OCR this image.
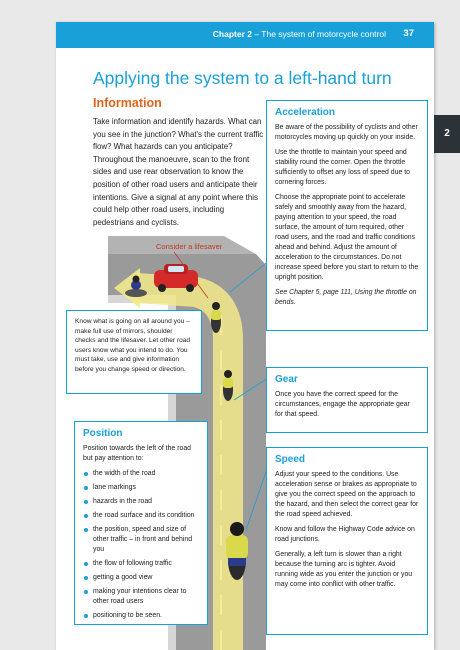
Chapter 2 – The system of motorcycle control 37
2
Applying the system to a left-hand turn
Information

Take information and identify hazards. What can you see in the junction? What's the current traffic flow? What hazards can you anticipate? Throughout the manoeuvre, scan to the front sides and use rear observation to know the position of other road users and anticipate their intentions. Give a signal at any point where this could help other road users, including pedestrians and cyclists.

Consider a lifesaver
Acceleration

Be aware of the possibility of cyclists and other motorcycles moving up quickly on your inside.

Use the throttle to maintain your speed and stability round the corner. Open the throttle sufficiently to offset any loss of speed due to cornering forces.

Choose the appropriate point to accelerate safely and smoothly away from the hazard, paying attention to your speed, the road surface, the amount of turn required, other road users, and the road and traffic conditions ahead and behind. Adjust the amount of acceleration to the circumstances. Do not increase speed before you start to return to the upright position.

See Chapter 5, page 111, Using the throttle on bends.

Know what is going on all around you – make full use of mirrors, shoulder checks and the lifesaver. Let other road users know what you intend to do. You must take, use and give information before you change speed or direction.

Gear

Once you have the correct speed for the circumstances, engage the appropriate gear for that speed.

Position

Position towards the left of the road but pay attention to:

the width of the road
lane markings
hazards in the road
the road surface and its condition
the position, speed and size of other traffic – in front and behind you
the flow of following traffic
getting a good view
making your intentions clear to other road users
positioning to be seen.
Speed

Adjust your speed to the conditions. Use acceleration sense or brakes as appropriate to give you the correct speed on the approach to the hazard, and then select the correct gear for the road speed achieved.

Know and follow the Highway Code advice on road junctions.

Generally, a left turn is slower than a right because the turning arc is tighter. Avoid running wide as you enter the junction or you may come into conflict with other traffic.
